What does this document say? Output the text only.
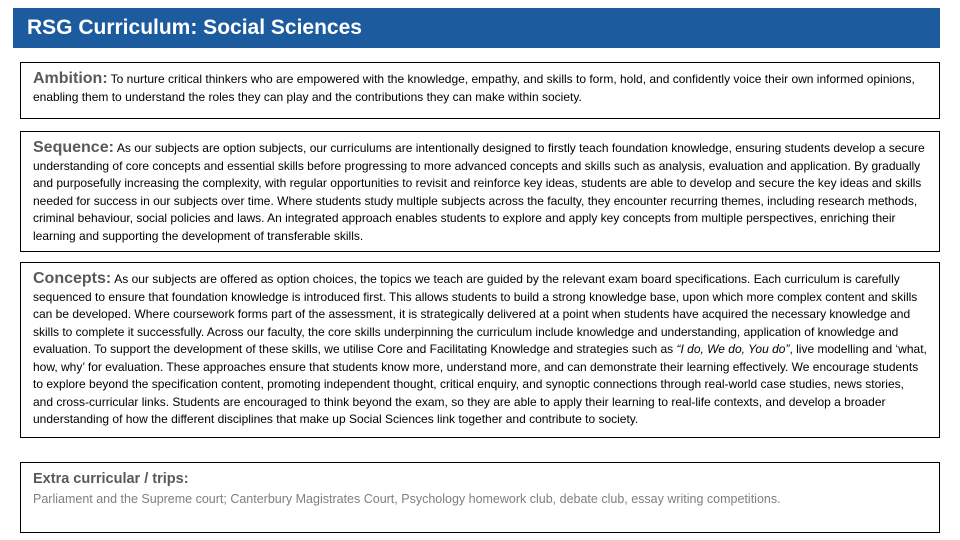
RSG Curriculum: Social Sciences

Ambition: To nurture critical thinkers who are empowered with the knowledge, empathy, and skills to form, hold, and confidently voice their own informed opinions, enabling them to understand the roles they can play and the contributions they can make within society.

Sequence: As our subjects are option subjects, our curriculums are intentionally designed to firstly teach foundation knowledge, ensuring students develop a secure understanding of core concepts and essential skills before progressing to more advanced concepts and skills such as analysis, evaluation and application. By gradually and purposefully increasing the complexity, with regular opportunities to revisit and reinforce key ideas, students are able to develop and secure the key ideas and skills needed for success in our subjects over time. Where students study multiple subjects across the faculty, they encounter recurring themes, including research methods, criminal behaviour, social policies and laws. An integrated approach enables students to explore and apply key concepts from multiple perspectives, enriching their learning and supporting the development of transferable skills.

Concepts: As our subjects are offered as option choices, the topics we teach are guided by the relevant exam board specifications. Each curriculum is carefully sequenced to ensure that foundation knowledge is introduced first. This allows students to build a strong knowledge base, upon which more complex content and skills can be developed. Where coursework forms part of the assessment, it is strategically delivered at a point when students have acquired the necessary knowledge and skills to complete it successfully. Across our faculty, the core skills underpinning the curriculum include knowledge and understanding, application of knowledge and evaluation. To support the development of these skills, we utilise Core and Facilitating Knowledge and strategies such as “I do, We do, You do”, live modelling and ‘what, how, why’ for evaluation. These approaches ensure that students know more, understand more, and can demonstrate their learning effectively. We encourage students to explore beyond the specification content, promoting independent thought, critical enquiry, and synoptic connections through real-world case studies, news stories, and cross-curricular links. Students are encouraged to think beyond the exam, so they are able to apply their learning to real-life contexts, and develop a broader understanding of how the different disciplines that make up Social Sciences link together and contribute to society.

Extra curricular / trips:
Parliament and the Supreme court; Canterbury Magistrates Court, Psychology homework club, debate club, essay writing competitions.
